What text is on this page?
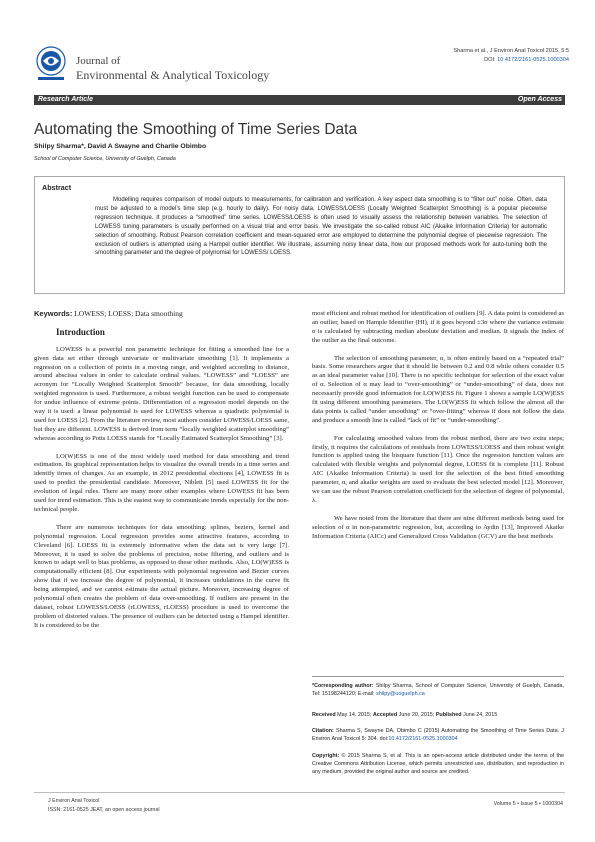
Journal of
Environmental & Analytical Toxicology
Sharma et al., J Environ Anal Toxicol 2015, 5:5
DOI: 10.4172/2161-0525.1000304
Research Article	Open Access
Automating the Smoothing of Time Series Data
Shilpy Sharma*, David A Swayne and Charlie Obimbo
School of Computer Science, University of Guelph, Canada
Abstract
Modelling requires comparison of model outputs to measurements, for calibration and verification. A key aspect data smoothing is to “filter out” noise. Often, data must be adjusted to a model’s time step (e.g. hourly to daily). For noisy data, LOWESS/LOESS (Locally Weighted Scatterplot Smoothing) is a popular piecewise regression technique. It produces a “smoothed” time series. LOWESS/LOESS is often used to visually assess the relationship between variables. The selection of LOWESS tuning parameters is usually performed on a visual trial and error basis. We investigate the so-called robust AIC (Akaike Information Criteria) for automatic selection of smoothing. Robust Pearson correlation coefficient and mean-squared error are employed to determine the polynomial degree of piecewise regression. The exclusion of outliers is attempted using a Hampel outlier identifier. We illustrate, assuming noisy linear data, how our proposed methods work for auto-tuning both the smoothing parameter and the degree of polynomial for LOWESS/ LOESS.

Keywords: LOWESS; LOESS; Data smoothing

Introduction

LOWESS is a powerful non parametric technique for fitting a smoothed line for a given data set either through univariate or multivariate smoothing [1]. It implements a regression on a collection of points in a moving range, and weighted according to distance, around abscissa values in order to calculate ordinal values. “LOWESS” and “LOESS” are acronym for “Locally Weighted Scatterplot Smooth” because, for data smoothing, locally weighted regression is used. Furthermore, a robust weight function can be used to compensate for undue influence of extreme points. Differentiation of a regression model depends on the way it is used: a linear polynomial is used for LOWESS whereas a quadratic polynomial is used for LOESS [2]. From the literature review, most authors consider LOWESS/LOESS same, but they are different. LOWESS is derived from term “locally weighted scatterplot smoothing” whereas according to Potts LOESS stands for “Locally Estimated Scatterplot Smoothing” [3].

LO(W)ESS is one of the most widely used method for data smoothing and trend estimation. Its graphical representation helps to visualize the overall trends in a time series and identify times of changes. As an example, in 2012 presidential elections [4], LOWESS fit is used to predict the presidential candidate. Moreover, Niblett [5] used LOWESS fit for the evolution of legal rules. There are many more other examples where LOWESS fit has been used for trend estimation. This is the easiest way to communicate trends especially for the non-technical people.

There are numerous techniques for data smoothing: splines, beziers, kernel and polynomial regression. Local regression provides some attractive features, according to Cleveland [6]. LOESS fit is extremely informative when the data set is very large [7]. Moreover, it is used to solve the problems of precision, noise filtering, and outliers and is known to adapt well to bias problems, as opposed to these other methods. Also, LO(W)ESS is computationally efficient [8]. Our experiments with polynomial regression and Bezier curves show that if we increase the degree of polynomial, it increases undulations in the curve fit being attempted, and we cannot estimate the actual picture. Moreover, increasing degree of polynomial often creates the problem of data over-smoothing. If outliers are present in the dataset, robust LOWESS/LOESS (rLOWESS, rLOESS) procedure is used to overcome the problem of distorted values. The presence of outliers can be detected using a Hampel identifier. It is considered to be the

most efficient and robust method for identification of outliers [9]. A data point is considered as an outlier, based on Hample Identifier (HI), if it goes beyond ±3σ where the variance estimate σ is calculated by subtracting median absolute deviation and median. It signals the index of the outlier as the final outcome.

The selection of smoothing parameter, α, is often entirely based on a “repeated trial” basis. Some researchers argue that it should lie between 0.2 and 0.8 while others consider 0.5 as an ideal parameter value [10]. There is no specific technique for selection of the exact value of α. Selection of α may lead to “over-smoothing” or “under-smoothing” of data, does not necessarily provide good information for LO(W)ESS fit. Figure 1 shows a sample LO(W)ESS fit using different smoothing parameters. The LO(W)ESS fit which follow the almost all the data points is called “under smoothing” or “over-fitting” whereas if does not follow the data and produce a smooth line is called “lack of fit” or “under-smoothing”.

For calculating smoothed values from the robust method, there are two extra steps; firstly, it requires the calculations of residuals from LOWESS/LOESS and then robust weight function is applied using the bisquare function [11]. Once the regression function values are calculated with flexible weights and polynomial degree, LOESS fit is complete [11]. Robust AIC (Akaike Information Criteria) is used for the selection of the best fitted smoothing parameter, α, and akaike weights are used to evaluate the best selected model [12]. Moreover, we can use the robust Pearson correlation coefficient for the selection of degree of polynomial, λ.

We have noted from the literature that there are nine different methods being used for selection of α in non-parametric regression, but, according to Aydin [13], Improved Akaike Information Criteria (AICc) and Generalized Cross Validation (GCV) are the best methods

*Corresponding author: Shilpy Sharma, School of Computer Science, University of Guelph, Canada, Tel: 15198244120; E-mail: shilpy@uoguelph.ca
Received May 14, 2015; Accepted June 20, 2015; Published June 24, 2015
Citation: Sharma S, Swayne DA, Obimbo C (2015) Automating the Smoothing of Time Series Data. J Environ Anal Toxicol 5: 304. doi:10.4172/2161-0525.1000304
Copyright: © 2015 Sharma S, et al. This is an open-access article distributed under the terms of the Creative Commons Attribution License, which permits unrestricted use, distribution, and reproduction in any medium, provided the original author and source are credited.
J Environ Anal Toxicol
ISSN: 2161-0525 JEAT, an open access journal
Volume 5 • Issue 5 • 1000304
